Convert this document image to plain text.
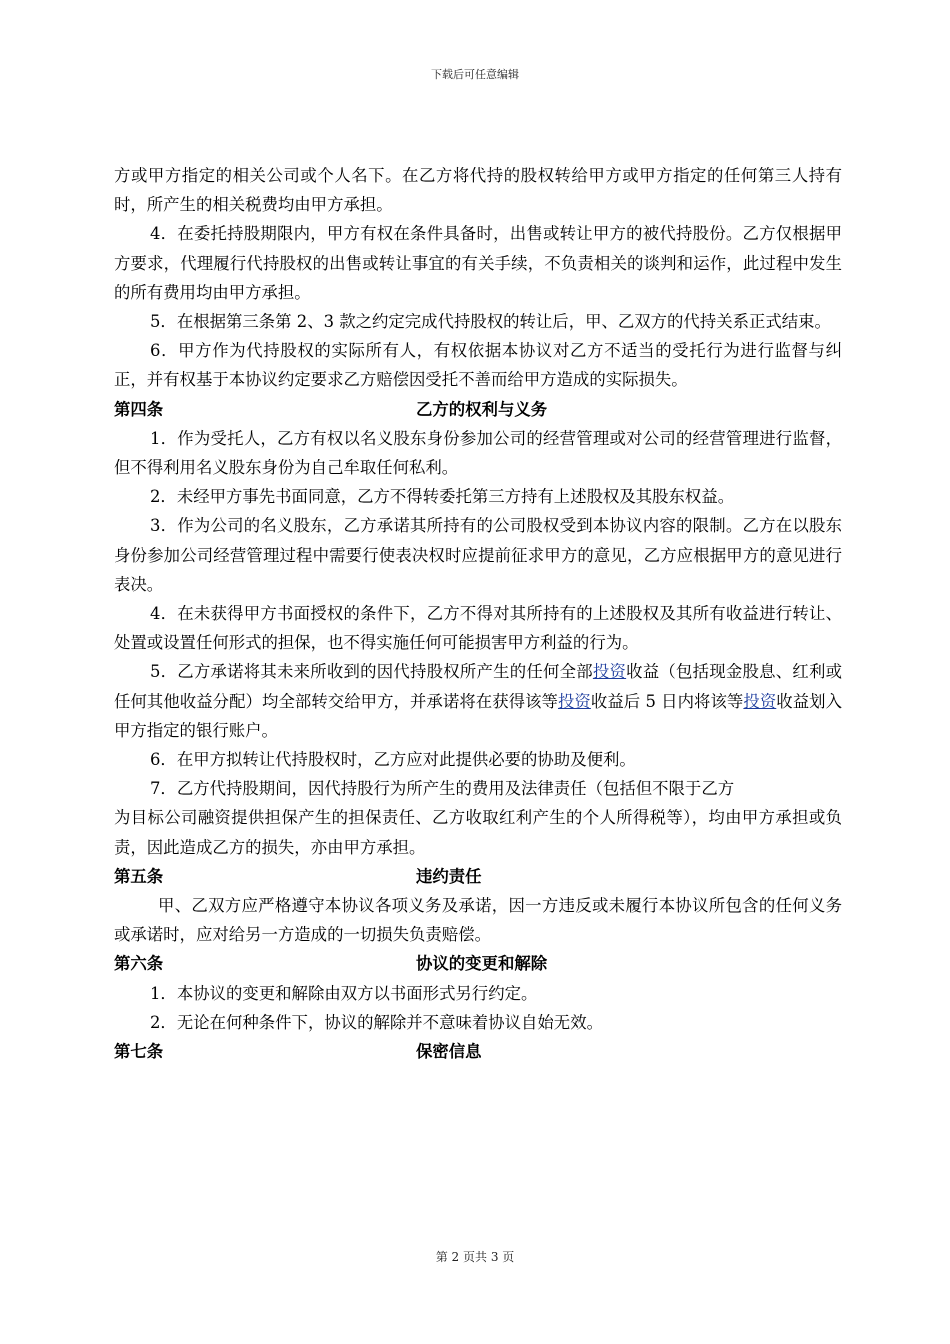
下载后可任意编辑

方或甲方指定的相关公司或个人名下。在乙方将代持的股权转给甲方或甲方指定的任何第三人持有时，所产生的相关税费均由甲方承担。

4．在委托持股期限内，甲方有权在条件具备时，出售或转让甲方的被代持股份。乙方仅根据甲方要求，代理履行代持股权的出售或转让事宜的有关手续，不负责相关的谈判和运作，此过程中发生的所有费用均由甲方承担。

5．在根据第三条第 2、3 款之约定完成代持股权的转让后，甲、乙双方的代持关系正式结束。

6．甲方作为代持股权的实际所有人，有权依据本协议对乙方不适当的受托行为进行监督与纠正，并有权基于本协议约定要求乙方赔偿因受托不善而给甲方造成的实际损失。

第四条	乙方的权利与义务

1．作为受托人，乙方有权以名义股东身份参加公司的经营管理或对公司的经营管理进行监督，但不得利用名义股东身份为自己牟取任何私利。

2．未经甲方事先书面同意，乙方不得转委托第三方持有上述股权及其股东权益。

3．作为公司的名义股东，乙方承诺其所持有的公司股权受到本协议内容的限制。乙方在以股东身份参加公司经营管理过程中需要行使表决权时应提前征求甲方的意见，乙方应根据甲方的意见进行表决。

4．在未获得甲方书面授权的条件下，乙方不得对其所持有的上述股权及其所有收益进行转让、处置或设置任何形式的担保，也不得实施任何可能损害甲方利益的行为。

5．乙方承诺将其未来所收到的因代持股权所产生的任何全部投资收益（包括现金股息、红利或任何其他收益分配）均全部转交给甲方，并承诺将在获得该等投资收益后 5 日内将该等投资收益划入甲方指定的银行账户。

6．在甲方拟转让代持股权时，乙方应对此提供必要的协助及便利。

7．乙方代持股期间，因代持股行为所产生的费用及法律责任（包括但不限于乙方

为目标公司融资提供担保产生的担保责任、乙方收取红利产生的个人所得税等），均由甲方承担或负责，因此造成乙方的损失，亦由甲方承担。

第五条	违约责任

甲、乙双方应严格遵守本协议各项义务及承诺，因一方违反或未履行本协议所包含的任何义务或承诺时，应对给另一方造成的一切损失负责赔偿。

第六条	协议的变更和解除

1．本协议的变更和解除由双方以书面形式另行约定。

2．无论在何种条件下，协议的解除并不意味着协议自始无效。

第七条	保密信息

第 2 页共 3 页
